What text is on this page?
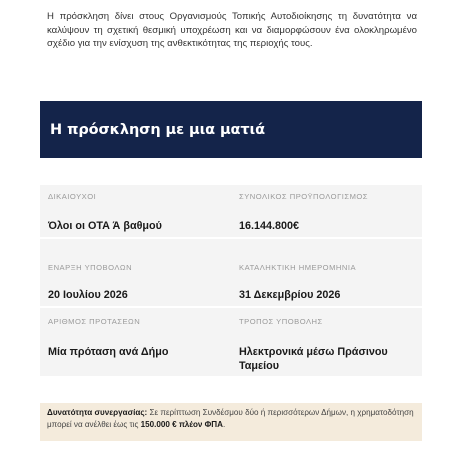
Η πρόσκληση δίνει στους Οργανισμούς Τοπικής Αυτοδιοίκησης τη δυνατότητα να καλύψουν τη σχετική θεσμική υποχρέωση και να διαμορφώσουν ένα ολοκληρωμένο σχέδιο για την ενίσχυση της ανθεκτικότητας της περιοχής τους.

Η πρόσκληση με μια ματιά
ΔΙΚΑΙΟΥΧΟΙ
Όλοι οι ΟΤΑ Ά βαθμού
ΣΥΝΟΛΙΚΟΣ ΠΡΟΫΠΟΛΟΓΙΣΜΟΣ
16.144.800€
ΕΝΑΡΞΗ ΥΠΟΒΟΛΩΝ
20 Ιουλίου 2026
ΚΑΤΑΛΗΚΤΙΚΗ ΗΜΕΡΟΜΗΝΙΑ
31 Δεκεμβρίου 2026
ΑΡΙΘΜΟΣ ΠΡΟΤΑΣΕΩΝ
Μία πρόταση ανά Δήμο
ΤΡΟΠΟΣ ΥΠΟΒΟΛΗΣ
Ηλεκτρονικά μέσω Πράσινου Ταμείου
Δυνατότητα συνεργασίας: Σε περίπτωση Συνδέσμου δύο ή περισσότερων Δήμων, η χρηματοδότηση μπορεί να ανέλθει έως τις 150.000 € πλέον ΦΠΑ.
